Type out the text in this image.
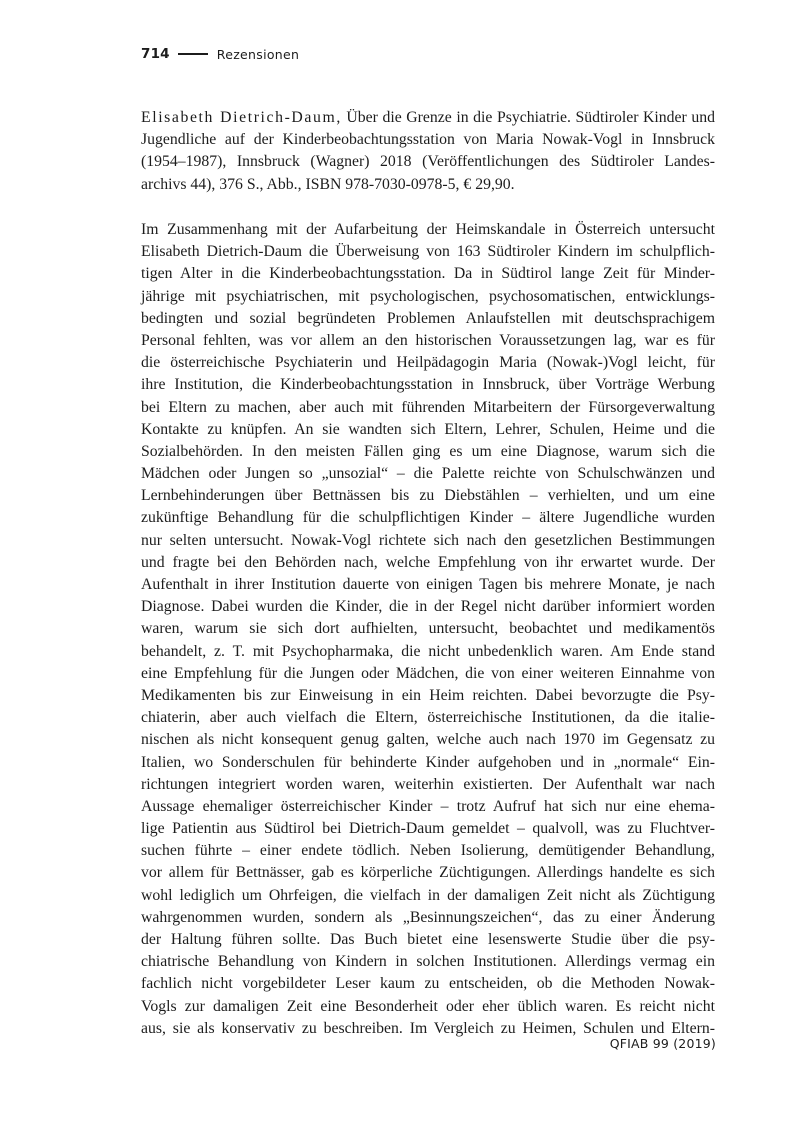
714	Rezensionen
Elisabeth Dietrich-Daum, Über die Grenze in die Psychiatrie. Südtiroler Kinder und
Jugendliche auf der Kinderbeobachtungsstation von Maria Nowak-Vogl in Innsbruck
(1954–1987), Innsbruck (Wagner) 2018 (Veröffentlichungen des Südtiroler Landes-
archivs 44), 376 S., Abb., ISBN 978-7030-0978-5, € 29,90.
Im Zusammenhang mit der Aufarbeitung der Heimskandale in Österreich untersucht
Elisabeth Dietrich-Daum die Überweisung von 163 Südtiroler Kindern im schulpflich-
tigen Alter in die Kinderbeobachtungsstation. Da in Südtirol lange Zeit für Minder-
jährige mit psychiatrischen, mit psychologischen, psychosomatischen, entwicklungs-
bedingten und sozial begründeten Problemen Anlaufstellen mit deutschsprachigem
Personal fehlten, was vor allem an den historischen Voraussetzungen lag, war es für
die österreichische Psychiaterin und Heilpädagogin Maria (Nowak-)Vogl leicht, für
ihre Institution, die Kinderbeobachtungsstation in Innsbruck, über Vorträge Werbung
bei Eltern zu machen, aber auch mit führenden Mitarbeitern der Fürsorgeverwaltung
Kontakte zu knüpfen. An sie wandten sich Eltern, Lehrer, Schulen, Heime und die
Sozialbehörden. In den meisten Fällen ging es um eine Diagnose, warum sich die
Mädchen oder Jungen so „unsozial“ – die Palette reichte von Schulschwänzen und
Lernbehinderungen über Bettnässen bis zu Diebstählen – verhielten, und um eine
zukünftige Behandlung für die schulpflichtigen Kinder – ältere Jugendliche wurden
nur selten untersucht. Nowak-Vogl richtete sich nach den gesetzlichen Bestimmungen
und fragte bei den Behörden nach, welche Empfehlung von ihr erwartet wurde. Der
Aufenthalt in ihrer Institution dauerte von einigen Tagen bis mehrere Monate, je nach
Diagnose. Dabei wurden die Kinder, die in der Regel nicht darüber informiert worden
waren, warum sie sich dort aufhielten, untersucht, beobachtet und medikamentös
behandelt, z. T. mit Psychopharmaka, die nicht unbedenklich waren. Am Ende stand
eine Empfehlung für die Jungen oder Mädchen, die von einer weiteren Einnahme von
Medikamenten bis zur Einweisung in ein Heim reichten. Dabei bevorzugte die Psy-
chiaterin, aber auch vielfach die Eltern, österreichische Institutionen, da die italie-
nischen als nicht konsequent genug galten, welche auch nach 1970 im Gegensatz zu
Italien, wo Sonderschulen für behinderte Kinder aufgehoben und in „normale“ Ein-
richtungen integriert worden waren, weiterhin existierten. Der Aufenthalt war nach
Aussage ehemaliger österreichischer Kinder – trotz Aufruf hat sich nur eine ehema-
lige Patientin aus Südtirol bei Dietrich-Daum gemeldet – qualvoll, was zu Fluchtver-
suchen führte – einer endete tödlich. Neben Isolierung, demütigender Behandlung,
vor allem für Bettnässer, gab es körperliche Züchtigungen. Allerdings handelte es sich
wohl lediglich um Ohrfeigen, die vielfach in der damaligen Zeit nicht als Züchtigung
wahrgenommen wurden, sondern als „Besinnungszeichen“, das zu einer Änderung
der Haltung führen sollte. Das Buch bietet eine lesenswerte Studie über die psy-
chiatrische Behandlung von Kindern in solchen Institutionen. Allerdings vermag ein
fachlich nicht vorgebildeter Leser kaum zu entscheiden, ob die Methoden Nowak-
Vogls zur damaligen Zeit eine Besonderheit oder eher üblich waren. Es reicht nicht
aus, sie als konservativ zu beschreiben. Im Vergleich zu Heimen, Schulen und Eltern-
QFIAB 99 (2019)
